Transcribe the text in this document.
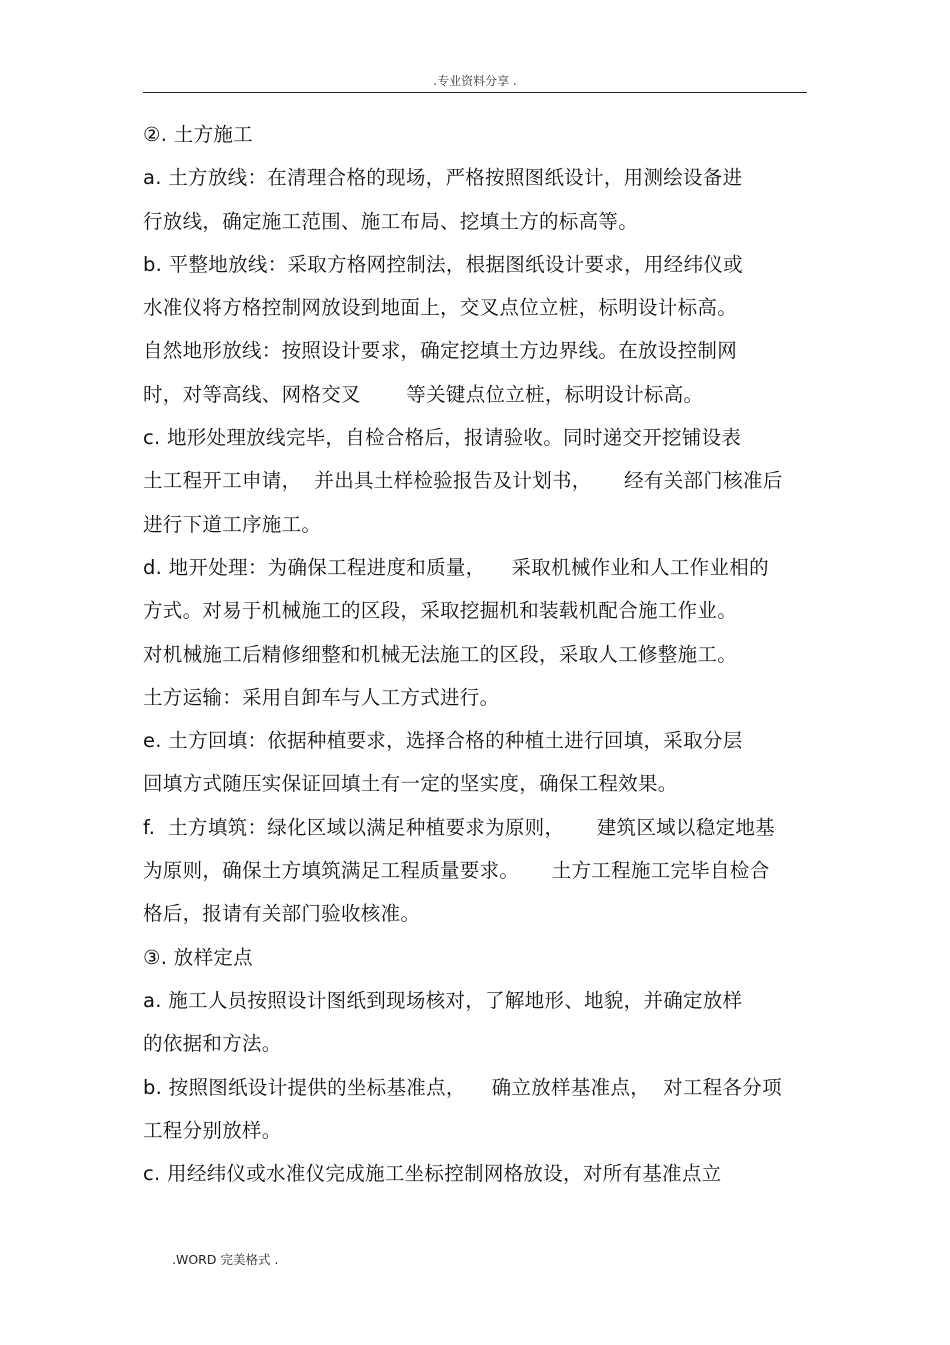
.专业资料分享 .
②. 土方施工
a. 土方放线：在清理合格的现场，严格按照图纸设计，用测绘设备进
行放线，确定施工范围、施工布局、挖填土方的标高等。
b. 平整地放线：采取方格网控制法，根据图纸设计要求，用经纬仪或
水准仪将方格控制网放设到地面上，交叉点位立桩，标明设计标高。
自然地形放线：按照设计要求，确定挖填土方边界线。在放设控制网
时，对等高线、网格交叉       等关键点位立桩，标明设计标高。
c. 地形处理放线完毕，自检合格后，报请验收。同时递交开挖铺设表
土工程开工申请，  并出具土样检验报告及计划书，     经有关部门核准后
进行下道工序施工。
d. 地开处理：为确保工程进度和质量，    采取机械作业和人工作业相的
方式。对易于机械施工的区段，采取挖掘机和装载机配合施工作业。
对机械施工后精修细整和机械无法施工的区段，采取人工修整施工。
土方运输：采用自卸车与人工方式进行。
e. 土方回填：依据种植要求，选择合格的种植土进行回填，采取分层
回填方式随压实保证回填土有一定的坚实度，确保工程效果。
f.  土方填筑：绿化区域以满足种植要求为原则，     建筑区域以稳定地基
为原则，确保土方填筑满足工程质量要求。     土方工程施工完毕自检合
格后，报请有关部门验收核准。
③. 放样定点
a. 施工人员按照设计图纸到现场核对，了解地形、地貌，并确定放样
的依据和方法。
b. 按照图纸设计提供的坐标基准点，    确立放样基准点，  对工程各分项
工程分别放样。
c. 用经纬仪或水准仪完成施工坐标控制网格放设，对所有基准点立
.WORD 完美格式 .
